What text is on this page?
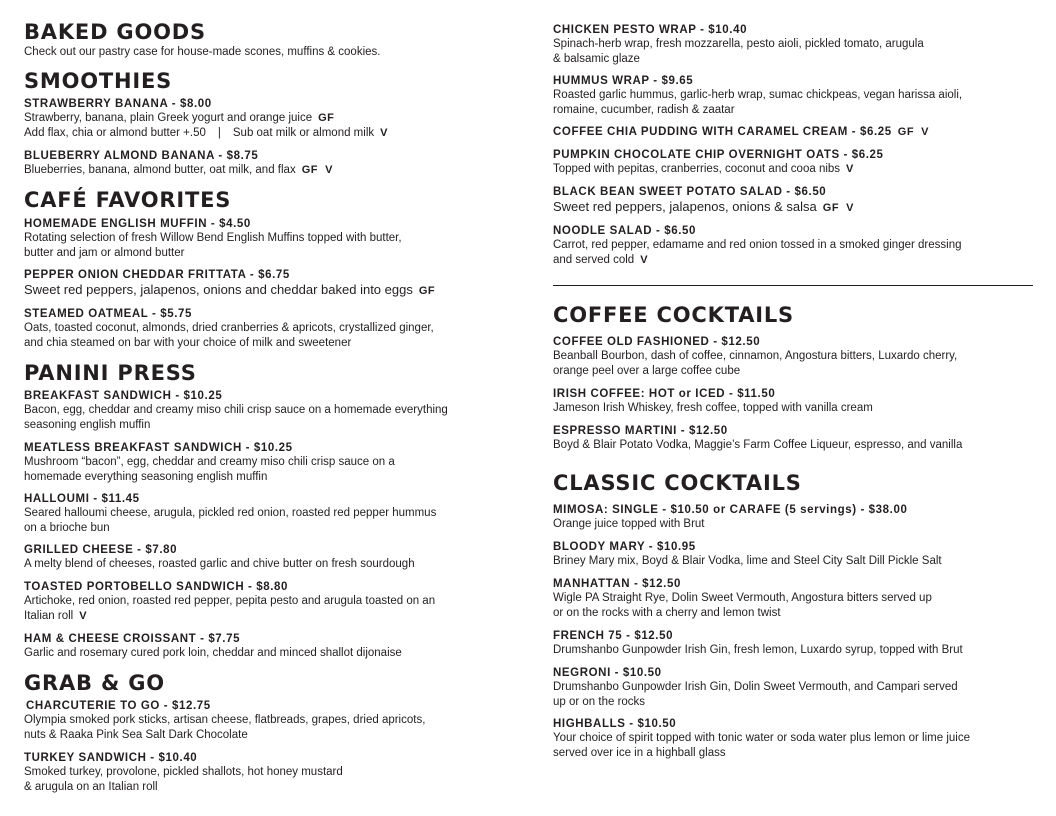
BAKED GOODS
Check out our pastry case for house-made scones, muffins & cookies.
SMOOTHIES
STRAWBERRY BANANA - $8.00
Strawberry, banana, plain Greek yogurt and orange juice GF
Add flax, chia or almond butter +.50 | Sub oat milk or almond milk V
BLUEBERRY ALMOND BANANA - $8.75
Blueberries, banana, almond butter, oat milk, and flax GF  V
CAFÉ FAVORITES
HOMEMADE ENGLISH MUFFIN - $4.50
Rotating selection of fresh Willow Bend English Muffins topped with butter,
butter and jam or almond butter
PEPPER ONION CHEDDAR FRITTATA - $6.75
Sweet red peppers, jalapenos, onions and cheddar baked into eggs GF
STEAMED OATMEAL - $5.75
Oats, toasted coconut, almonds, dried cranberries & apricots, crystallized ginger,
and chia steamed on bar with your choice of milk and sweetener
PANINI PRESS
BREAKFAST SANDWICH - $10.25
Bacon, egg, cheddar and creamy miso chili crisp sauce on a homemade everything
seasoning english muffin
MEATLESS BREAKFAST SANDWICH - $10.25
Mushroom “bacon”, egg, cheddar and creamy miso chili crisp sauce on a
homemade everything seasoning english muffin
HALLOUMI - $11.45
Seared halloumi cheese, arugula, pickled red onion, roasted red pepper hummus
on a brioche bun
GRILLED CHEESE - $7.80
A melty blend of cheeses, roasted garlic and chive butter on fresh sourdough
TOASTED PORTOBELLO SANDWICH - $8.80
Artichoke, red onion, roasted red pepper, pepita pesto and arugula toasted on an
Italian roll V
HAM & CHEESE CROISSANT - $7.75
Garlic and rosemary cured pork loin, cheddar and minced shallot dijonaise
GRAB & GO
CHARCUTERIE TO GO - $12.75
Olympia smoked pork sticks, artisan cheese, flatbreads, grapes, dried apricots,
nuts & Raaka Pink Sea Salt Dark Chocolate
TURKEY SANDWICH - $10.40
Smoked turkey, provolone, pickled shallots, hot honey mustard
& arugula on an Italian roll
CHICKEN PESTO WRAP - $10.40
Spinach-herb wrap, fresh mozzarella, pesto aioli, pickled tomato, arugula
& balsamic glaze
HUMMUS WRAP - $9.65
Roasted garlic hummus, garlic-herb wrap, sumac chickpeas, vegan harissa aioli,
romaine, cucumber, radish & zaatar
COFFEE CHIA PUDDING WITH CARAMEL CREAM - $6.25 GF  V
PUMPKIN CHOCOLATE CHIP OVERNIGHT OATS - $6.25
Topped with pepitas, cranberries, coconut and cooa nibs V
BLACK BEAN SWEET POTATO SALAD - $6.50
Sweet red peppers, jalapenos, onions & salsa GF  V
NOODLE SALAD - $6.50
Carrot, red pepper, edamame and red onion tossed in a smoked ginger dressing
and served cold V
COFFEE COCKTAILS
COFFEE OLD FASHIONED - $12.50
Beanball Bourbon, dash of coffee, cinnamon, Angostura bitters, Luxardo cherry,
orange peel over a large coffee cube
IRISH COFFEE: HOT or ICED - $11.50
Jameson Irish Whiskey, fresh coffee, topped with vanilla cream
ESPRESSO MARTINI - $12.50
Boyd & Blair Potato Vodka, Maggie’s Farm Coffee Liqueur, espresso, and vanilla
CLASSIC COCKTAILS
MIMOSA: SINGLE - $10.50 or CARAFE (5 servings) - $38.00
Orange juice topped with Brut
BLOODY MARY - $10.95
Briney Mary mix, Boyd & Blair Vodka, lime and Steel City Salt Dill Pickle Salt
MANHATTAN - $12.50
Wigle PA Straight Rye, Dolin Sweet Vermouth, Angostura bitters served up
or on the rocks with a cherry and lemon twist
FRENCH 75 - $12.50
Drumshanbo Gunpowder Irish Gin, fresh lemon, Luxardo syrup, topped with Brut
NEGRONI - $10.50
Drumshanbo Gunpowder Irish Gin, Dolin Sweet Vermouth, and Campari served
up or on the rocks
HIGHBALLS - $10.50
Your choice of spirit topped with tonic water or soda water plus lemon or lime juice
served over ice in a highball glass
